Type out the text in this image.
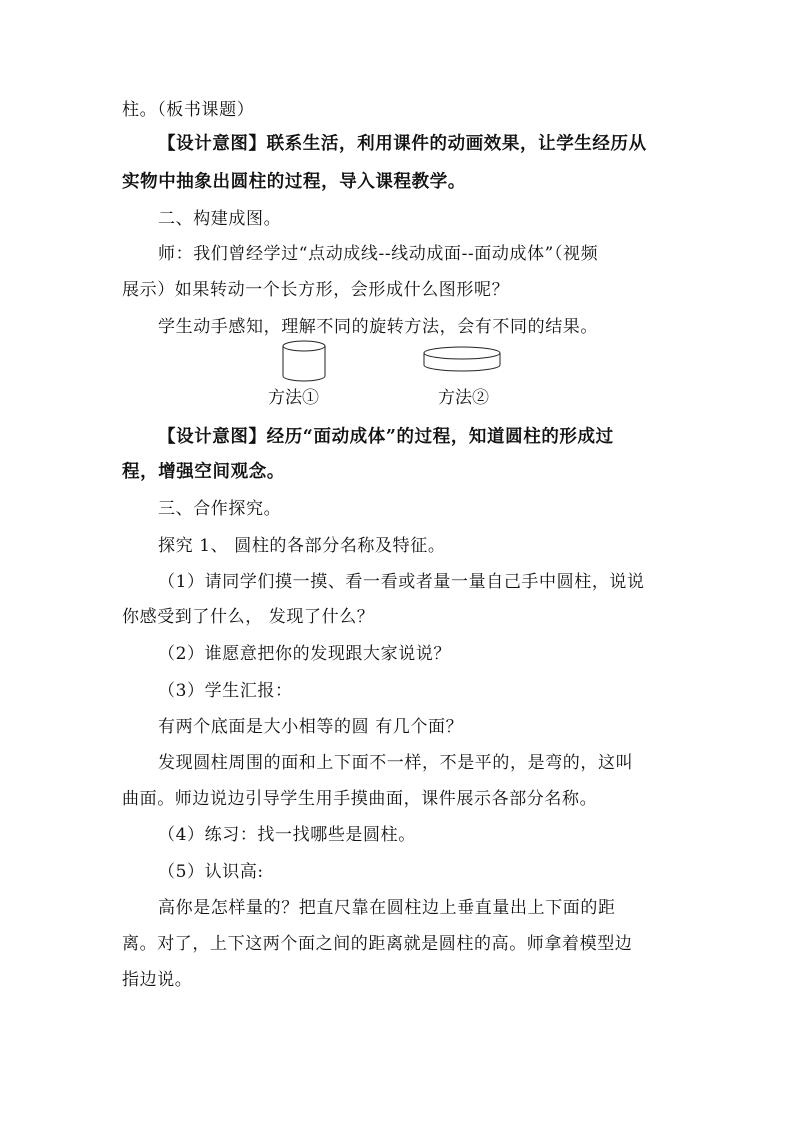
柱。（板书课题）
【设计意图】联系生活，利用课件的动画效果，让学生经历从
实物中抽象出圆柱的过程，导入课程教学。
二、构建成图。
师：我们曾经学过“点动成线--线动成面--面动成体”（视频
展示）如果转动一个长方形，会形成什么图形呢？
学生动手感知，理解不同的旋转方法，会有不同的结果。
方法①	方法②
【设计意图】经历“面动成体”的过程，知道圆柱的形成过
程，增强空间观念。
三、合作探究。
探究 1、 圆柱的各部分名称及特征。
（1）请同学们摸一摸、看一看或者量一量自己手中圆柱，说说
你感受到了什么， 发现了什么？
（2）谁愿意把你的发现跟大家说说？
（3）学生汇报：
有两个底面是大小相等的圆 有几个面？
发现圆柱周围的面和上下面不一样，不是平的，是弯的，这叫
曲面。师边说边引导学生用手摸曲面，课件展示各部分名称。
（4）练习：找一找哪些是圆柱。
（5）认识高:
高你是怎样量的？把直尺靠在圆柱边上垂直量出上下面的距
离。对了，上下这两个面之间的距离就是圆柱的高。师拿着模型边
指边说。
